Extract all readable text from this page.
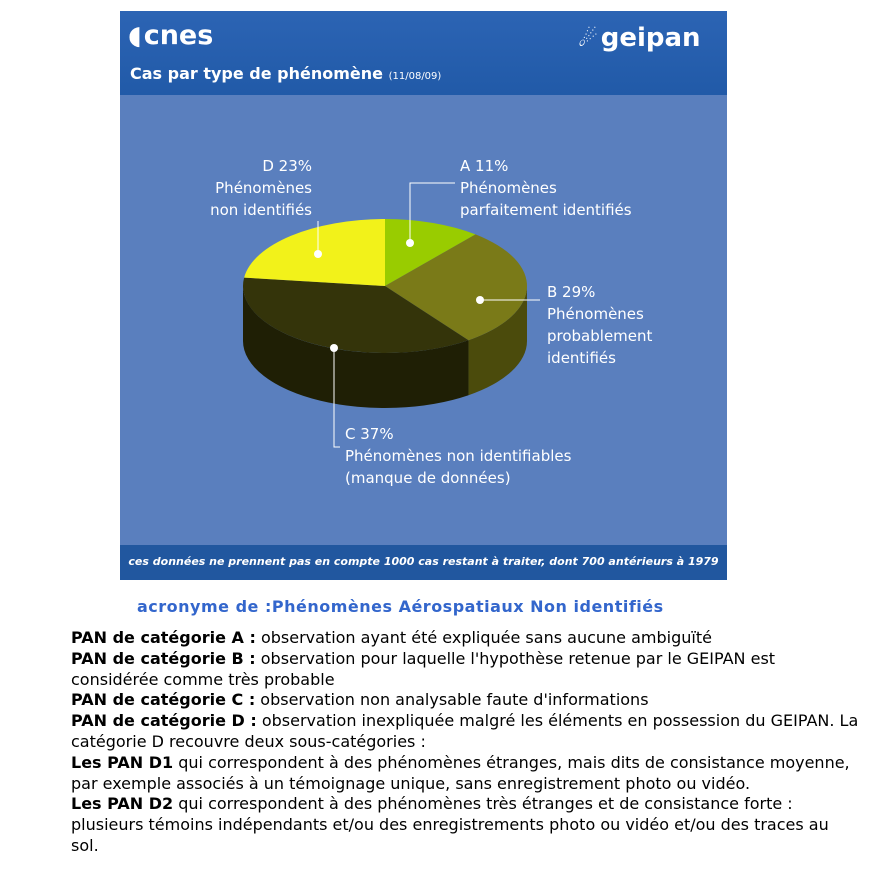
◖cnes	☄ geipan
Cas par type de phénomène (11/08/09)
A 11%
Phénomènes
parfaitement identifiés
B 29%
Phénomènes
probablement
identifiés
C 37%
Phénomènes non identifiables
(manque de données)
D 23%
Phénomènes
non identifiés
ces données ne prennent pas en compte 1000 cas restant à traiter, dont 700 antérieurs à 1979
acronyme de :Phénomènes Aérospatiaux Non identifiés

PAN de catégorie A : observation ayant été expliquée sans aucune ambiguïté

PAN de catégorie B : observation pour laquelle l'hypothèse retenue par le GEIPAN est considérée comme très probable

PAN de catégorie C : observation non analysable faute d'informations

PAN de catégorie D : observation inexpliquée malgré les éléments en possession du GEIPAN. La catégorie D recouvre deux sous-catégories :

Les PAN D1 qui correspondent à des phénomènes étranges, mais dits de consistance moyenne, par exemple associés à un témoignage unique, sans enregistrement photo ou vidéo.

Les PAN D2 qui correspondent à des phénomènes très étranges et de consistance forte : plusieurs témoins indépendants et/ou des enregistrements photo ou vidéo et/ou des traces au sol.
